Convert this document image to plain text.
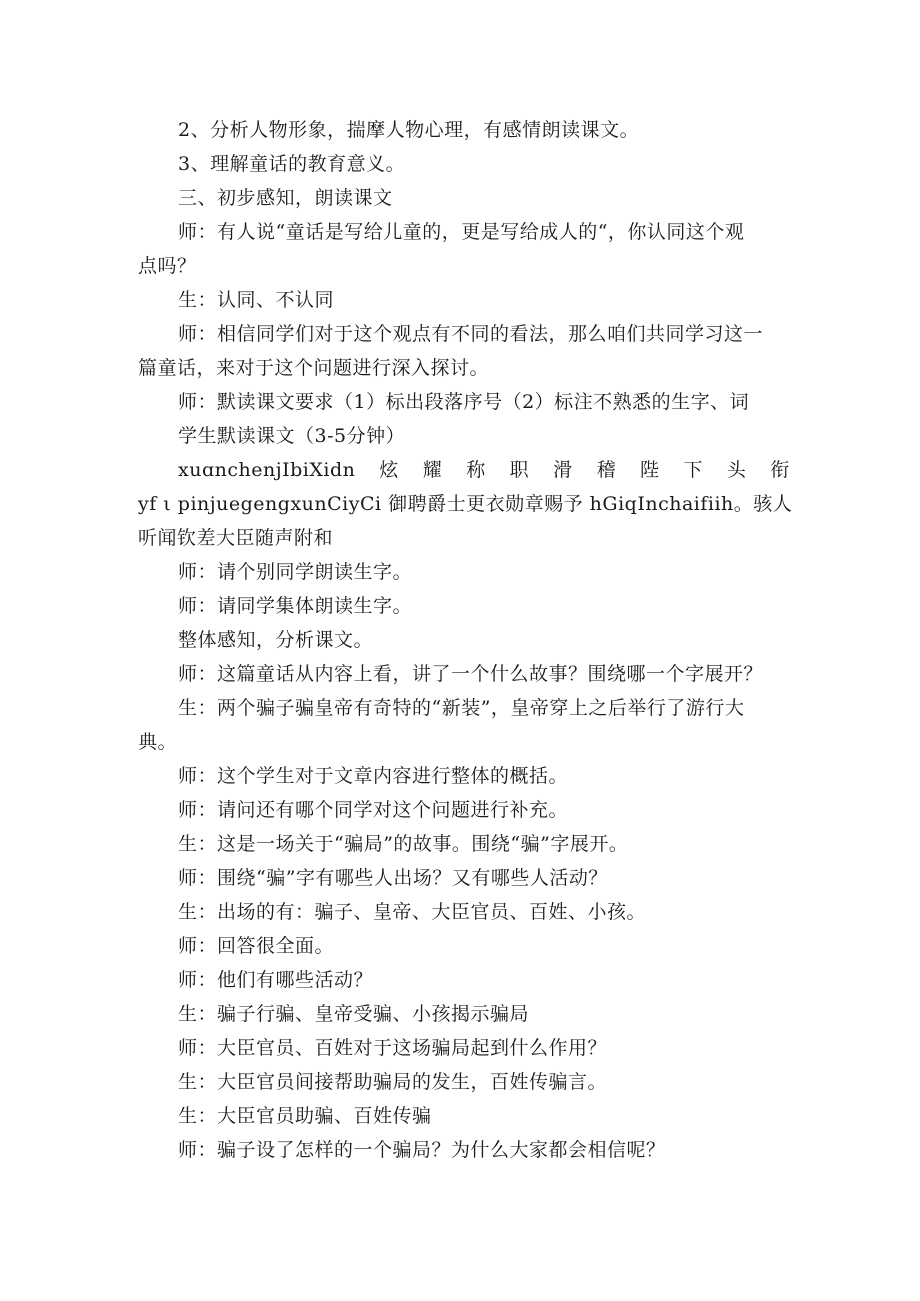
2、分析人物形象，揣摩人物心理，有感情朗读课文。
3、理解童话的教育意义。
三、初步感知，朗读课文
师：有人说“童话是写给儿童的，更是写给成人的“，你认同这个观
点吗？
生：认同、不认同
师：相信同学们对于这个观点有不同的看法，那么咱们共同学习这一
篇童话，来对于这个问题进行深入探讨。
师：默读课文要求（1）标出段落序号（2）标注不熟悉的生字、词
学生默读课文（3-5分钟）
xuɑnchenjIbiXidn 炫 耀 称 职 滑 稽 陛 下 头 衔
yf ι pinjuegengxunCiyCi 御聘爵士更衣勋章赐予 hGiqInchaifiih。骇人
听闻钦差大臣随声附和
师：请个别同学朗读生字。
师：请同学集体朗读生字。
整体感知，分析课文。
师：这篇童话从内容上看，讲了一个什么故事？围绕哪一个字展开？
生：两个骗子骗皇帝有奇特的“新装”，皇帝穿上之后举行了游行大
典。
师：这个学生对于文章内容进行整体的概括。
师：请问还有哪个同学对这个问题进行补充。
生：这是一场关于“骗局”的故事。围绕“骗”字展开。
师：围绕“骗”字有哪些人出场？又有哪些人活动？
生：出场的有：骗子、皇帝、大臣官员、百姓、小孩。
师：回答很全面。
师：他们有哪些活动？
生：骗子行骗、皇帝受骗、小孩揭示骗局
师：大臣官员、百姓对于这场骗局起到什么作用？
生：大臣官员间接帮助骗局的发生，百姓传骗言。
生：大臣官员助骗、百姓传骗
师：骗子设了怎样的一个骗局？为什么大家都会相信呢？
